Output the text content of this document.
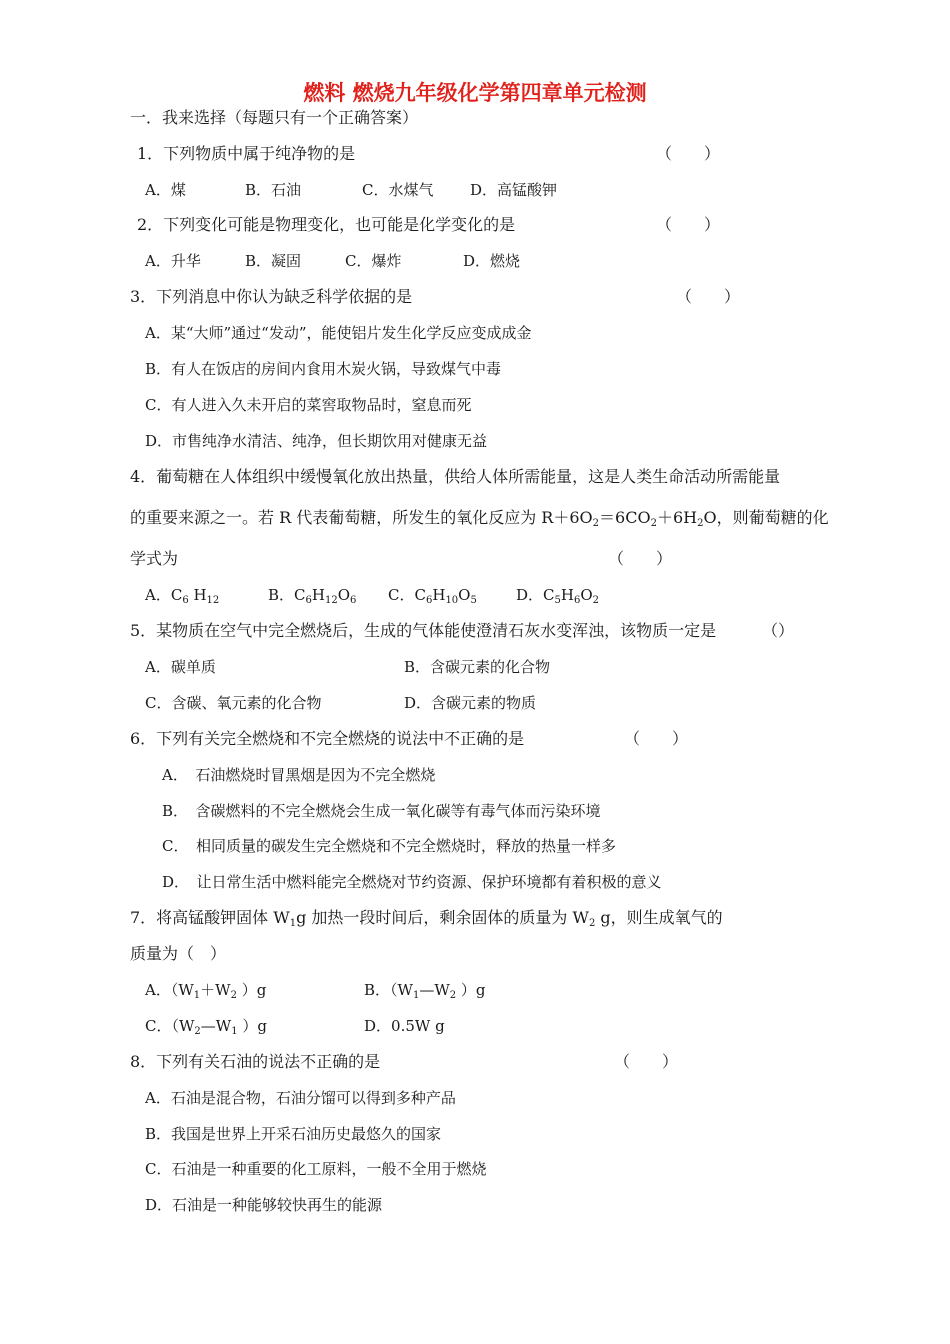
燃料 燃烧九年级化学第四章单元检测
一．我来选择（每题只有一个正确答案）
1．下列物质中属于纯净物的是	（　　）
A．煤	B．石油	C．水煤气 D．高锰酸钾
2．下列变化可能是物理变化，也可能是化学变化的是	（　　）
A．升华	B．凝固	C．爆炸	D．燃烧
3．下列消息中你认为缺乏科学依据的是	（　　）
A．某“大师”通过“发动”，能使铝片发生化学反应变成成金
B．有人在饭店的房间内食用木炭火锅，导致煤气中毒
C．有人进入久未开启的菜窖取物品时，窒息而死
D．市售纯净水清洁、纯净，但长期饮用对健康无益
4．葡萄糖在人体组织中缓慢氧化放出热量，供给人体所需能量，这是人类生命活动所需能量
的重要来源之一。若 R 代表葡萄糖，所发生的氧化反应为 $R+6O_2=6CO_2+6H_2O$，则葡萄糖的化
学式为	（　　）
A．$C_6$ $H_{12}$	B．$C_6H_{12}O_6$ C．$C_6H_{10}O_5$	D．$C_5H_6O_2$
5．某物质在空气中完全燃烧后，生成的气体能使澄清石灰水变浑浊，该物质一定是	（）
A．碳单质	B．含碳元素的化合物
C．含碳、氧元素的化合物	D．含碳元素的物质
6．下列有关完全燃烧和不完全燃烧的说法中不正确的是	（　　）
A．　石油燃烧时冒黑烟是因为不完全燃烧
B．　含碳燃料的不完全燃烧会生成一氧化碳等有毒气体而污染环境
C．　相同质量的碳发生完全燃烧和不完全燃烧时，释放的热量一样多
D．　让日常生活中燃料能完全燃烧对节约资源、保护环境都有着积极的意义
7．将高锰酸钾固体 $W_1g$ 加热一段时间后，剩余固体的质量为 $W_2$ g，则生成氧气的
质量为（　）
A．（$W_1+W_2$ ）g	B．（$W_1—W_2$ ）g
C．（$W_2—W_1$ ）g	D．0.5W g
8．下列有关石油的说法不正确的是	（　　）
A．石油是混合物，石油分馏可以得到多种产品
B．我国是世界上开采石油历史最悠久的国家
C．石油是一种重要的化工原料，一般不全用于燃烧
D．石油是一种能够较快再生的能源
